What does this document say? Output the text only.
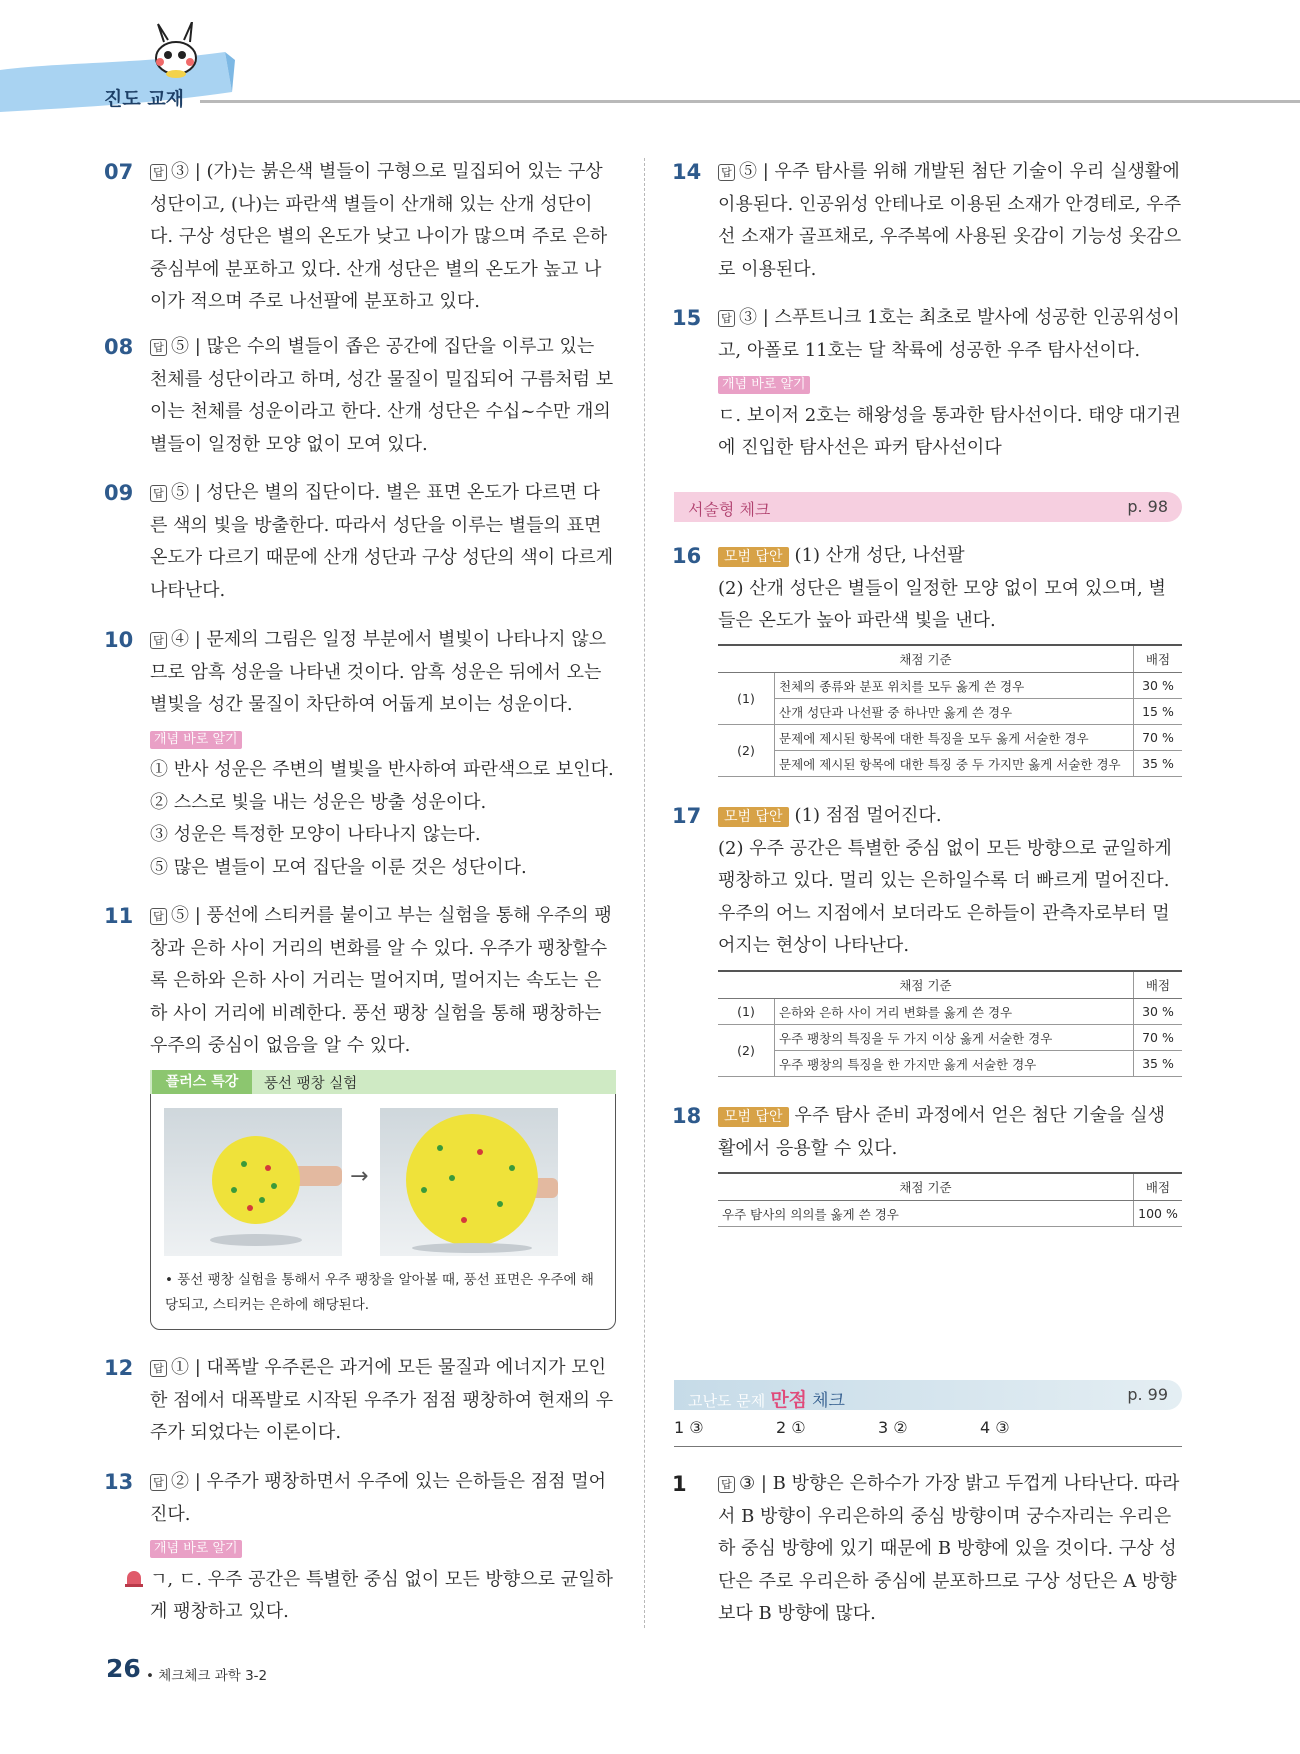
진도 교재
07 답 ③ | (가)는 붉은색 별들이 구형으로 밀집되어 있는 구상 성단이고, (나)는 파란색 별들이 산개해 있는 산개 성단이다. 구상 성단은 별의 온도가 낮고 나이가 많으며 주로 은하 중심부에 분포하고 있다. 산개 성단은 별의 온도가 높고 나이가 적으며 주로 나선팔에 분포하고 있다.
08 답 ⑤ | 많은 수의 별들이 좁은 공간에 집단을 이루고 있는 천체를 성단이라고 하며, 성간 물질이 밀집되어 구름처럼 보이는 천체를 성운이라고 한다. 산개 성단은 수십~수만 개의 별들이 일정한 모양 없이 모여 있다.
09 답 ⑤ | 성단은 별의 집단이다. 별은 표면 온도가 다르면 다른 색의 빛을 방출한다. 따라서 성단을 이루는 별들의 표면 온도가 다르기 때문에 산개 성단과 구상 성단의 색이 다르게 나타난다.
10 답 ④ | 문제의 그림은 일정 부분에서 별빛이 나타나지 않으므로 암흑 성운을 나타낸 것이다. 암흑 성운은 뒤에서 오는 별빛을 성간 물질이 차단하여 어둡게 보이는 성운이다.
개념 바로 알기
① 반사 성운은 주변의 별빛을 반사하여 파란색으로 보인다.
② 스스로 빛을 내는 성운은 방출 성운이다.
③ 성운은 특정한 모양이 나타나지 않는다.
⑤ 많은 별들이 모여 집단을 이룬 것은 성단이다.
11 답 ⑤ | 풍선에 스티커를 붙이고 부는 실험을 통해 우주의 팽창과 은하 사이 거리의 변화를 알 수 있다. 우주가 팽창할수록 은하와 은하 사이 거리는 멀어지며, 멀어지는 속도는 은하 사이 거리에 비례한다. 풍선 팽창 실험을 통해 팽창하는 우주의 중심이 없음을 알 수 있다.
플러스 특강	풍선 팽창 실험
→
• 풍선 팽창 실험을 통해서 우주 팽창을 알아볼 때, 풍선 표면은 우주에 해당되고, 스티커는 은하에 해당된다.
12 답 ① | 대폭발 우주론은 과거에 모든 물질과 에너지가 모인 한 점에서 대폭발로 시작된 우주가 점점 팽창하여 현재의 우주가 되었다는 이론이다.
13 답 ② | 우주가 팽창하면서 우주에 있는 은하들은 점점 멀어진다.
개념 바로 알기
ㄱ, ㄷ. 우주 공간은 특별한 중심 없이 모든 방향으로 균일하게 팽창하고 있다.
14 답 ⑤ | 우주 탐사를 위해 개발된 첨단 기술이 우리 실생활에 이용된다. 인공위성 안테나로 이용된 소재가 안경테로, 우주선 소재가 골프채로, 우주복에 사용된 옷감이 기능성 옷감으로 이용된다.
15 답 ③ | 스푸트니크 1호는 최초로 발사에 성공한 인공위성이고, 아폴로 11호는 달 착륙에 성공한 우주 탐사선이다.
개념 바로 알기
ㄷ. 보이저 2호는 해왕성을 통과한 탐사선이다. 태양 대기권에 진입한 탐사선은 파커 탐사선이다
서술형 체크	p. 98
16 모범 답안 (1) 산개 성단, 나선팔
(2) 산개 성단은 별들이 일정한 모양 없이 모여 있으며, 별들은 온도가 높아 파란색 빛을 낸다.
채점 기준		배점
(1)	천체의 종류와 분포 위치를 모두 옳게 쓴 경우	30 %
	산개 성단과 나선팔 중 하나만 옳게 쓴 경우	15 %
(2)	문제에 제시된 항목에 대한 특징을 모두 옳게 서술한 경우	70 %
	문제에 제시된 항목에 대한 특징 중 두 가지만 옳게 서술한 경우	35 %
17 모범 답안 (1) 점점 멀어진다.
(2) 우주 공간은 특별한 중심 없이 모든 방향으로 균일하게 팽창하고 있다. 멀리 있는 은하일수록 더 빠르게 멀어진다. 우주의 어느 지점에서 보더라도 은하들이 관측자로부터 멀어지는 현상이 나타난다.
채점 기준		배점
(1)	은하와 은하 사이 거리 변화를 옳게 쓴 경우	30 %
(2)	우주 팽창의 특징을 두 가지 이상 옳게 서술한 경우	70 %
	우주 팽창의 특징을 한 가지만 옳게 서술한 경우	35 %
18 모범 답안 우주 탐사 준비 과정에서 얻은 첨단 기술을 실생활에서 응용할 수 있다.
채점 기준	배점
우주 탐사의 의의를 옳게 쓴 경우	100 %
고난도 문제 만점 체크	p. 99
1 ③	2 ①	3 ②	4 ③
1	답 ③ | B 방향은 은하수가 가장 밝고 두껍게 나타난다. 따라서 B 방향이 우리은하의 중심 방향이며 궁수자리는 우리은하 중심 방향에 있기 때문에 B 방향에 있을 것이다. 구상 성단은 주로 우리은하 중심에 분포하므로 구상 성단은 A 방향보다 B 방향에 많다.
26 • 체크체크 과학 3-2
